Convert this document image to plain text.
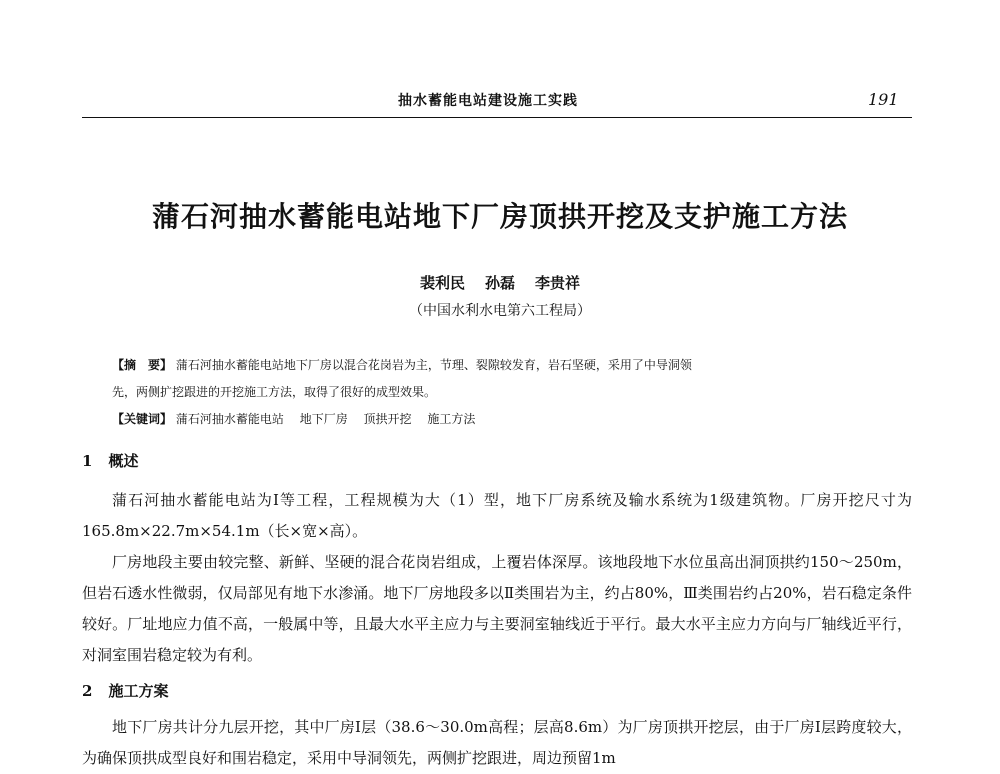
抽水蓄能电站建设施工实践	191
蒲石河抽水蓄能电站地下厂房顶拱开挖及支护施工方法
裴利民 孙磊 李贵祥
（中国水利水电第六工程局）
【摘　要】 蒲石河抽水蓄能电站地下厂房以混合花岗岩为主，节理、裂隙较发育，岩石坚硬，采用了中导洞领
先，两侧扩挖跟进的开挖施工方法，取得了很好的成型效果。
【关键词】 蒲石河抽水蓄能电站 地下厂房 顶拱开挖 施工方法
1 概述
蒲石河抽水蓄能电站为Ⅰ等工程，工程规模为大（1）型，地下厂房系统及输水系统为1级建筑物。厂房开挖尺寸为165.8m×22.7m×54.1m（长×宽×高）。
厂房地段主要由较完整、新鲜、坚硬的混合花岗岩组成，上覆岩体深厚。该地段地下水位虽高出洞顶拱约150～250m，但岩石透水性微弱，仅局部见有地下水渗涌。地下厂房地段多以Ⅱ类围岩为主，约占80%，Ⅲ类围岩约占20%，岩石稳定条件较好。厂址地应力值不高，一般属中等，且最大水平主应力与主要洞室轴线近于平行。最大水平主应力方向与厂轴线近平行，对洞室围岩稳定较为有利。
2 施工方案
地下厂房共计分九层开挖，其中厂房Ⅰ层（38.6～30.0m高程；层高8.6m）为厂房顶拱开挖层，由于厂房Ⅰ层跨度较大，为确保顶拱成型良好和围岩稳定，采用中导洞领先，两侧扩挖跟进，周边预留1m
